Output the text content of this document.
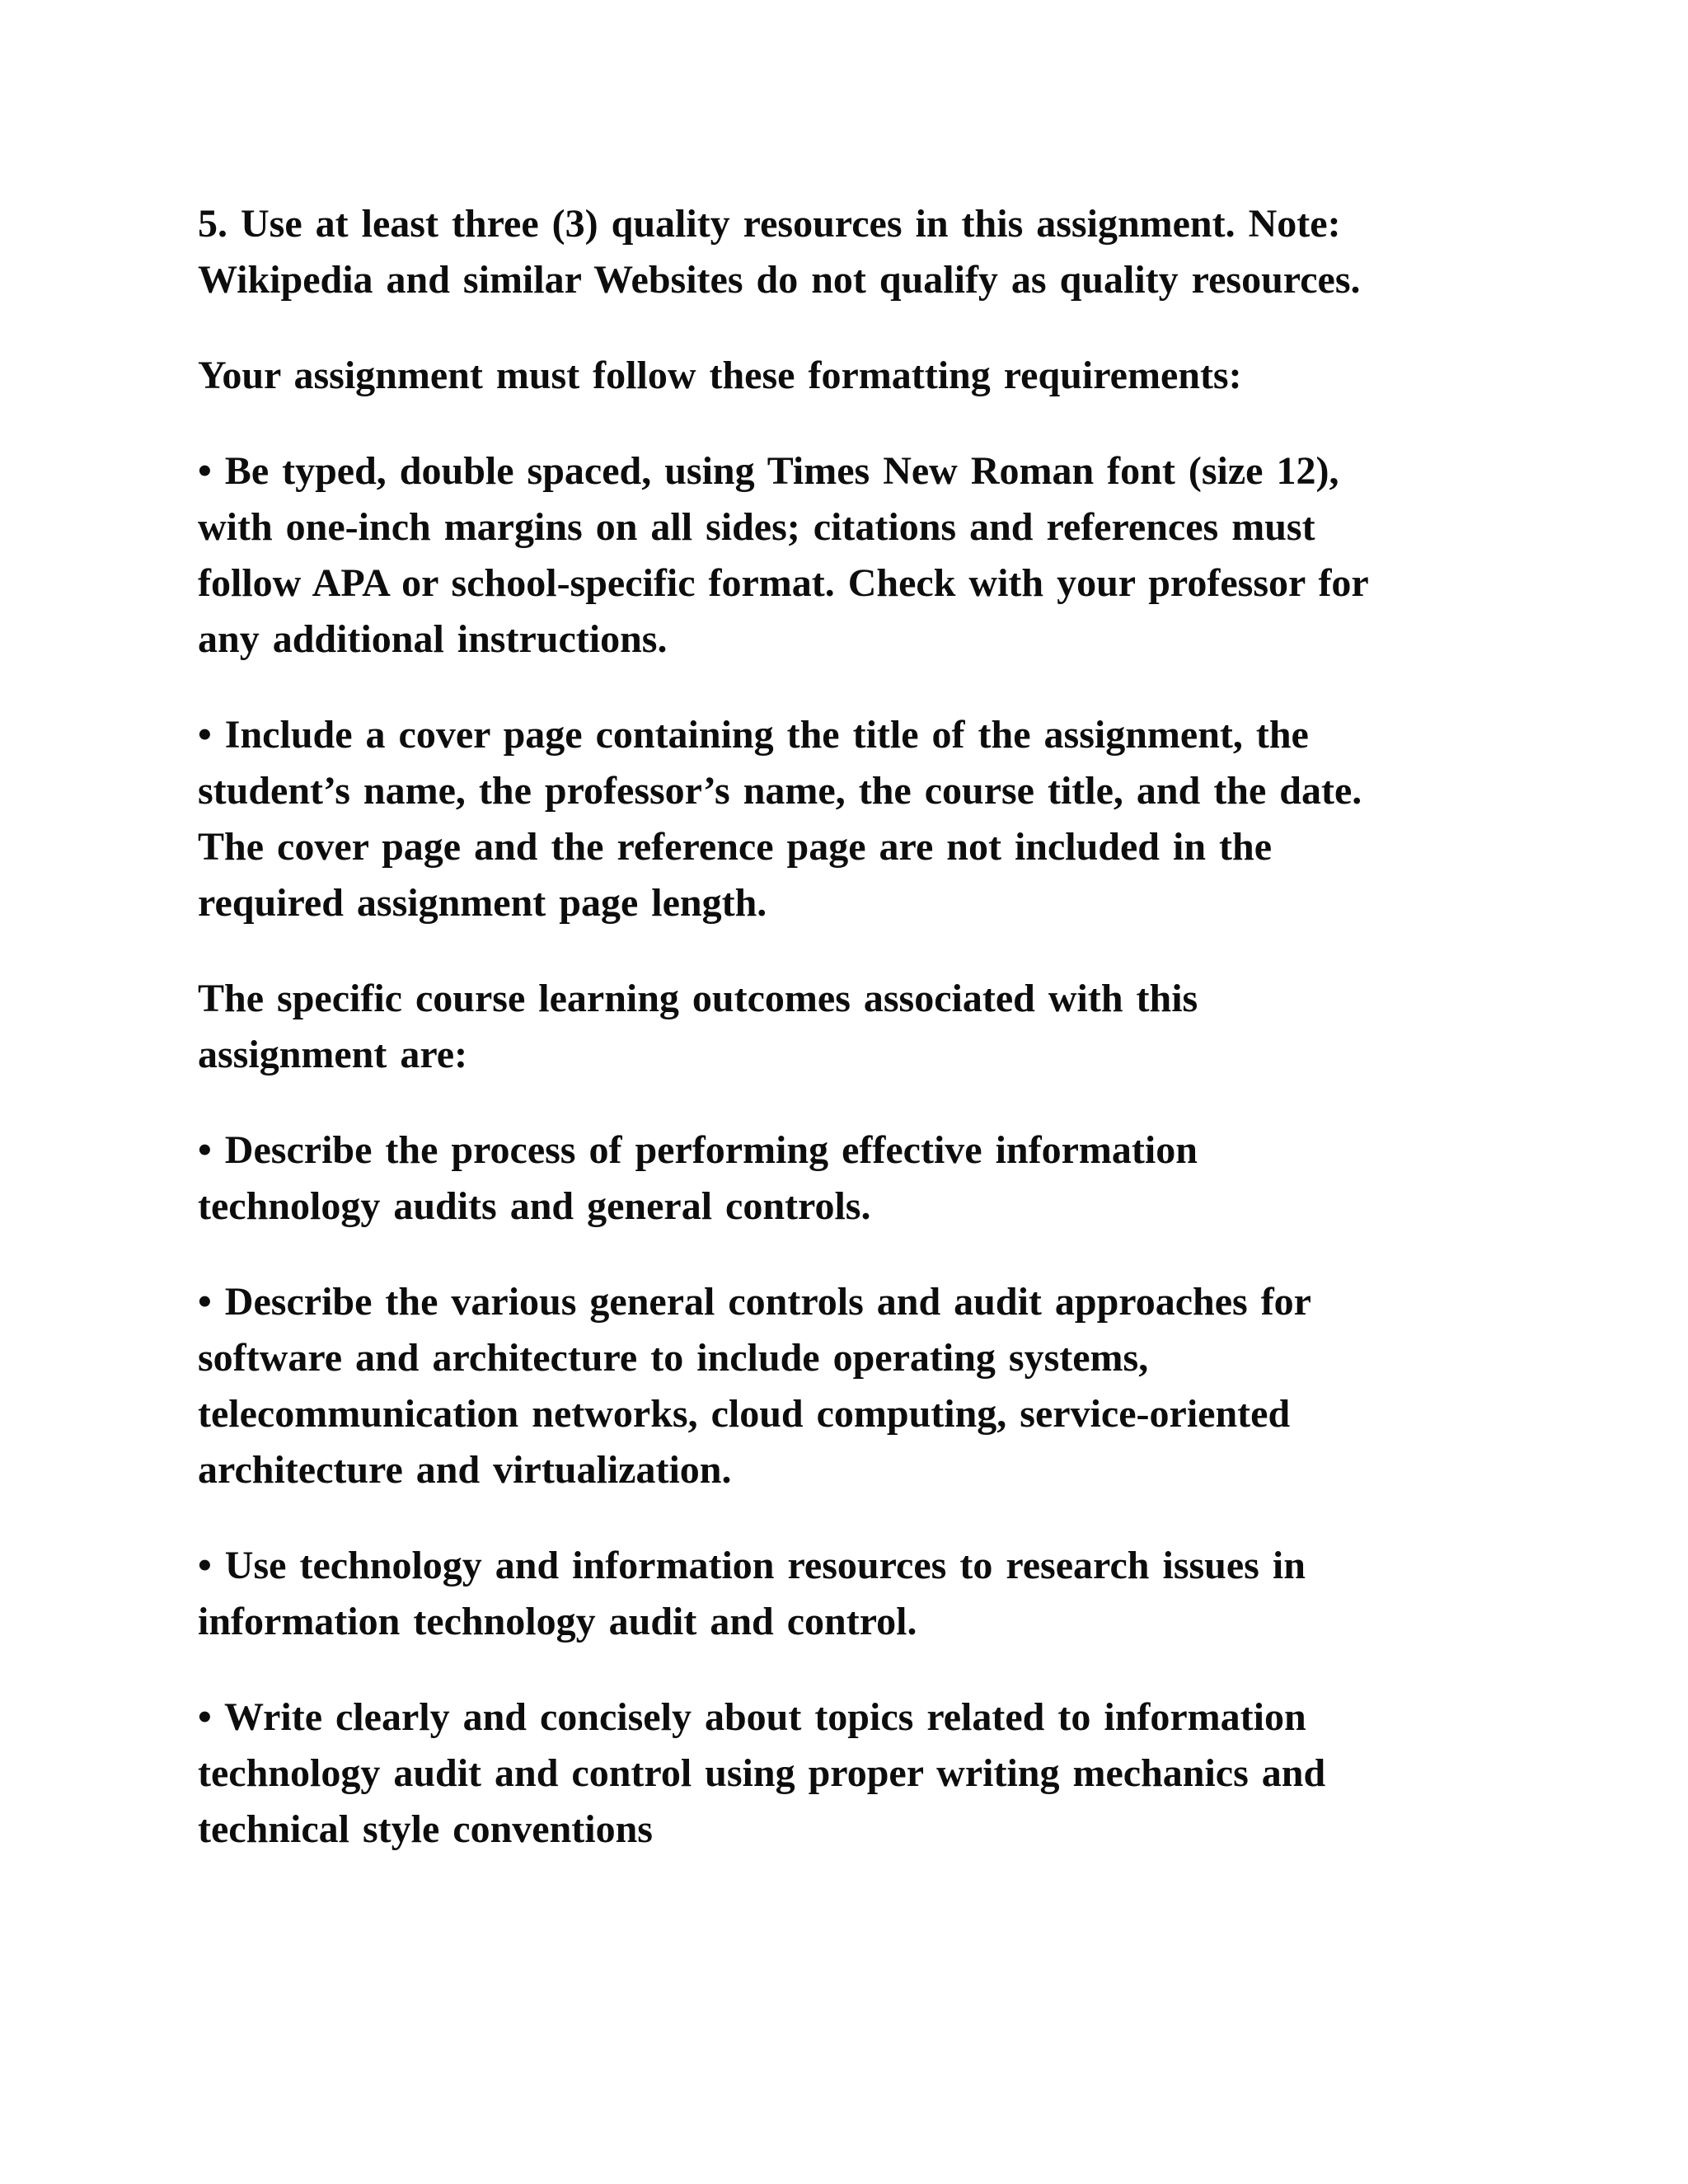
5. Use at least three (3) quality resources in this assignment. Note:
Wikipedia and similar Websites do not qualify as quality resources.

Your assignment must follow these formatting requirements:

• Be typed, double spaced, using Times New Roman font (size 12),
with one-inch margins on all sides; citations and references must
follow APA or school-specific format. Check with your professor for
any additional instructions.

• Include a cover page containing the title of the assignment, the
student’s name, the professor’s name, the course title, and the date.
The cover page and the reference page are not included in the
required assignment page length.

The specific course learning outcomes associated with this
assignment are:

• Describe the process of performing effective information
technology audits and general controls.

• Describe the various general controls and audit approaches for
software and architecture to include operating systems,
telecommunication networks, cloud computing, service-oriented
architecture and virtualization.

• Use technology and information resources to research issues in
information technology audit and control.

• Write clearly and concisely about topics related to information
technology audit and control using proper writing mechanics and
technical style conventions
